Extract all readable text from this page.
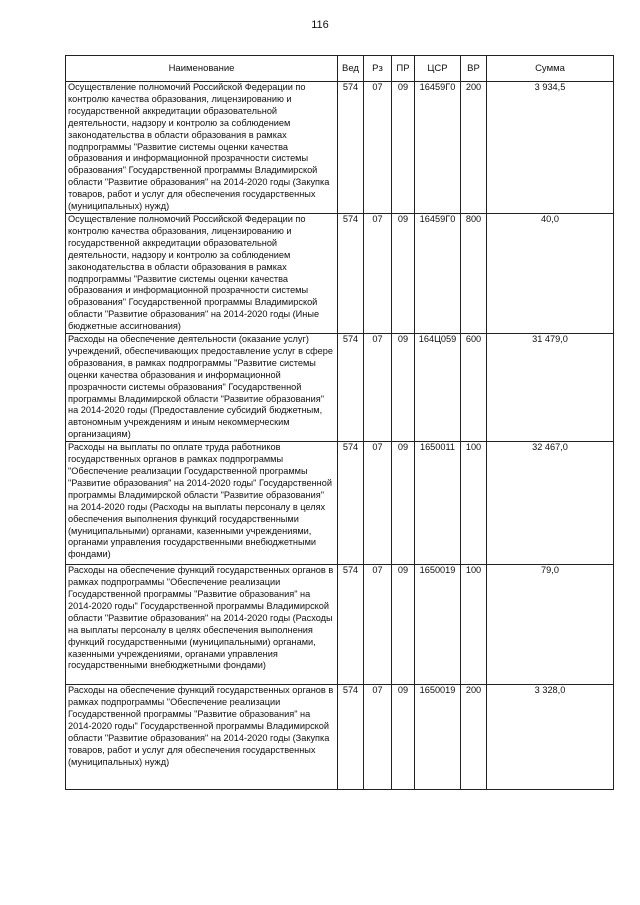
116
Наименование	Вед	Рз	ПР	ЦСР	ВР	Сумма
Осуществление полномочий Российской Федерации по контролю качества образования, лицензированию и государственной аккредитации образовательной деятельности, надзору и контролю за соблюдением законодательства в области образования в рамках подпрограммы "Развитие системы оценки качества образования и информационной прозрачности системы образования" Государственной программы Владимирской области "Развитие образования" на 2014-2020 годы (Закупка товаров, работ и услуг для обеспечения государственных (муниципальных) нужд)	574	07	09	16459Г0	200	3 934,5
Осуществление полномочий Российской Федерации по контролю качества образования, лицензированию и государственной аккредитации образовательной деятельности, надзору и контролю за соблюдением законодательства в области образования в рамках подпрограммы "Развитие системы оценки качества образования и информационной прозрачности системы образования" Государственной программы Владимирской области "Развитие образования" на 2014-2020 годы (Иные бюджетные ассигнования)	574	07	09	16459Г0	800	40,0
Расходы на обеспечение деятельности (оказание услуг) учреждений, обеспечивающих предоставление услуг в сфере образования, в рамках подпрограммы "Развитие системы оценки качества образования и информационной прозрачности системы образования" Государственной программы Владимирской области "Развитие образования" на 2014-2020 годы (Предоставление субсидий бюджетным, автономным учреждениям и иным некоммерческим организациям)	574	07	09	164Ц059	600	31 479,0
Расходы на выплаты по оплате труда работников государственных органов в рамках подпрограммы "Обеспечение реализации Государственной программы "Развитие образования" на 2014-2020 годы" Государственной программы Владимирской области "Развитие образования" на 2014-2020 годы (Расходы на выплаты персоналу в целях обеспечения выполнения функций государственными (муниципальными) органами, казенными учреждениями, органами управления государственными внебюджетными фондами)	574	07	09	1650011	100	32 467,0
Расходы на обеспечение функций государственных органов в рамках подпрограммы "Обеспечение реализации Государственной программы "Развитие образования" на 2014-2020 годы" Государственной программы Владимирской области "Развитие образования" на 2014-2020 годы (Расходы на выплаты персоналу в целях обеспечения выполнения функций государственными (муниципальными) органами, казенными учреждениями, органами управления государственными внебюджетными фондами)	574	07	09	1650019	100	79,0
Расходы на обеспечение функций государственных органов в рамках подпрограммы "Обеспечение реализации Государственной программы "Развитие образования" на 2014-2020 годы" Государственной программы Владимирской области "Развитие образования" на 2014-2020 годы (Закупка товаров, работ и услуг для обеспечения государственных (муниципальных) нужд)	574	07	09	1650019	200	3 328,0
